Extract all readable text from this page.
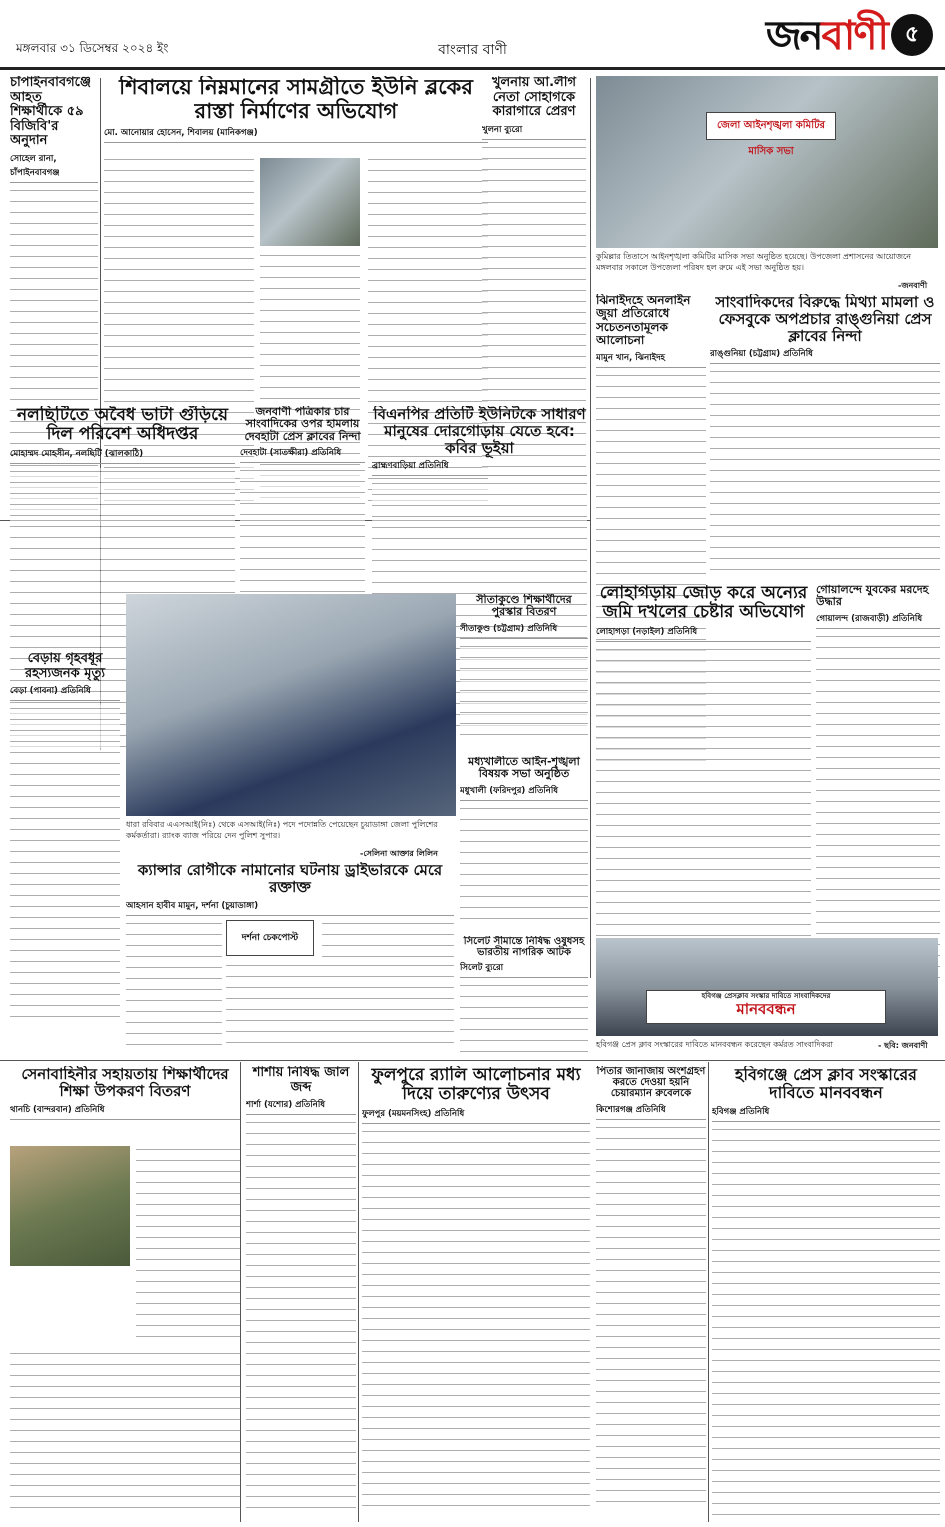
মঙ্গলবার ৩১ ডিসেম্বর ২০২৪ ইং	বাংলার বাণী	জনবাণী ৫
চাঁপাইনবাবগঞ্জে আহত শিক্ষার্থীকে ৫৯ বিজিবি'র অনুদান
সোহেল রানা, চাঁপাইনবাবগঞ্জ
শিবালয়ে নিম্নমানের সামগ্রীতে ইউনি ব্লকের রাস্তা নির্মাণের অভিযোগ
মো. আনোয়ার হোসেন, শিবালয় (মানিকগঞ্জ)
খুলনায় আ.লীগ নেতা সোহাগকে কারাগারে প্রেরণ
খুলনা ব্যুরো	জেলা আইনশৃঙ্খলা কমিটির মাসিক সভা
কুমিল্লার তিতাসে আইনশৃঙ্খলা কমিটির মাসিক সভা অনুষ্ঠিত হয়েছে। উপজেলা প্রশাসনের আয়োজনে মঙ্গলবার সকালে উপজেলা পরিষদ হল রুমে এই সভা অনুষ্ঠিত হয়।
-জনবাণী
ঝিনাইদহে অনলাইন জুয়া প্রতিরোধে সচেতনতামূলক আলোচনা
মামুন খান, ঝিনাইদহ
সাংবাদিকদের বিরুদ্ধে মিথ্যা মামলা ও ফেসবুকে অপপ্রচার রাঙ্গুনিয়া প্রেস ক্লাবের নিন্দা
রাঙ্গুনিয়া (চট্টগ্রাম) প্রতিনিধি
নলছিটিতে অবৈধ ভাটা গুঁড়িয়ে দিল পরিবেশ অধিদপ্তর
মোহাম্মদ মোহসীন, নলছিটি (ঝালকাঠি)
জনবাণী পত্রিকার চার সাংবাদিকের ওপর হামলায় দেবহাটা প্রেস ক্লাবের নিন্দা
দেবহাটা (সাতক্ষীরা) প্রতিনিধি
বিএনপির প্রতিটি ইউনিটকে সাধারণ মানুষের দোরগোড়ায় যেতে হবে: কবির ভূইয়া
ব্রাহ্মণবাড়িয়া প্রতিনিধি
লোহাগড়ায় জোড় করে অন্যের জমি দখলের চেষ্টার অভিযোগ
লোহাগড়া (নড়াইল) প্রতিনিধি
গোয়ালন্দে যুবকের মরদেহ উদ্ধার
গোয়ালন্দ (রাজবাড়ী) প্রতিনিধি
বেড়ায় গৃহবধূর রহস্যজনক মৃত্যু
বেড়া (পাবনা) প্রতিনিধি
ধারা রবিবার এএসআই(নিঃ) থেকে এসআই(নিঃ) পদে পদোন্নতি পেয়েছেন চুয়াডাঙ্গা জেলা পুলিশের কর্মকর্তারা। র‍্যাংক ব্যাজ পরিয়ে দেন পুলিশ সুপার।
-সেলিনা আক্তার লিলিন
সীতাকুণ্ডে শিক্ষার্থীদের পুরস্কার বিতরণ
সীতাকুণ্ড (চট্টগ্রাম) প্রতিনিধি
মধ্যখালীতে আইন-শৃঙ্খলা বিষয়ক সভা অনুষ্ঠিত
মধুখালী (ফরিদপুর) প্রতিনিধি
ক্যান্সার রোগীকে নামানোর ঘটনায় ড্রাইভারকে মেরে রক্তাক্ত
আহসান হাবীব মামুন, দর্শনা (চুয়াডাঙ্গা)
দর্শনা চেকপোস্ট	সিলেট সীমান্তে নিষিদ্ধ ওষুধসহ ভারতীয় নাগরিক আটক
সিলেট ব্যুরো
হবিগঞ্জ প্রেসক্লাব সংস্কার দাবিতে সাংবাদিকদের
মানববন্ধন
হবিগঞ্জ প্রেস ক্লাব সংস্কারের দাবিতে মানববন্ধন করেছেন কর্মরত সাংবাদিকরা	- ছবি: জনবাণী
সেনাবাহিনীর সহায়তায় শিক্ষার্থীদের শিক্ষা উপকরণ বিতরণ
থানচি (বান্দরবান) প্রতিনিধি
শার্শায় নিষিদ্ধ জাল জব্দ
শার্শা (যশোর) প্রতিনিধি
ফুলপুরে র‍্যালি আলোচনার মধ্য দিয়ে তারুণ্যের উৎসব
ফুলপুর (ময়মনসিংহ) প্রতিনিধি
পিতার জানাজায় অংশগ্রহণ করতে দেওয়া হয়নি চেয়ারম্যান রুবেলকে
কিশোরগঞ্জ প্রতিনিধি
হবিগঞ্জে প্রেস ক্লাব সংস্কারের দাবিতে মানববন্ধন
হবিগঞ্জ প্রতিনিধি
